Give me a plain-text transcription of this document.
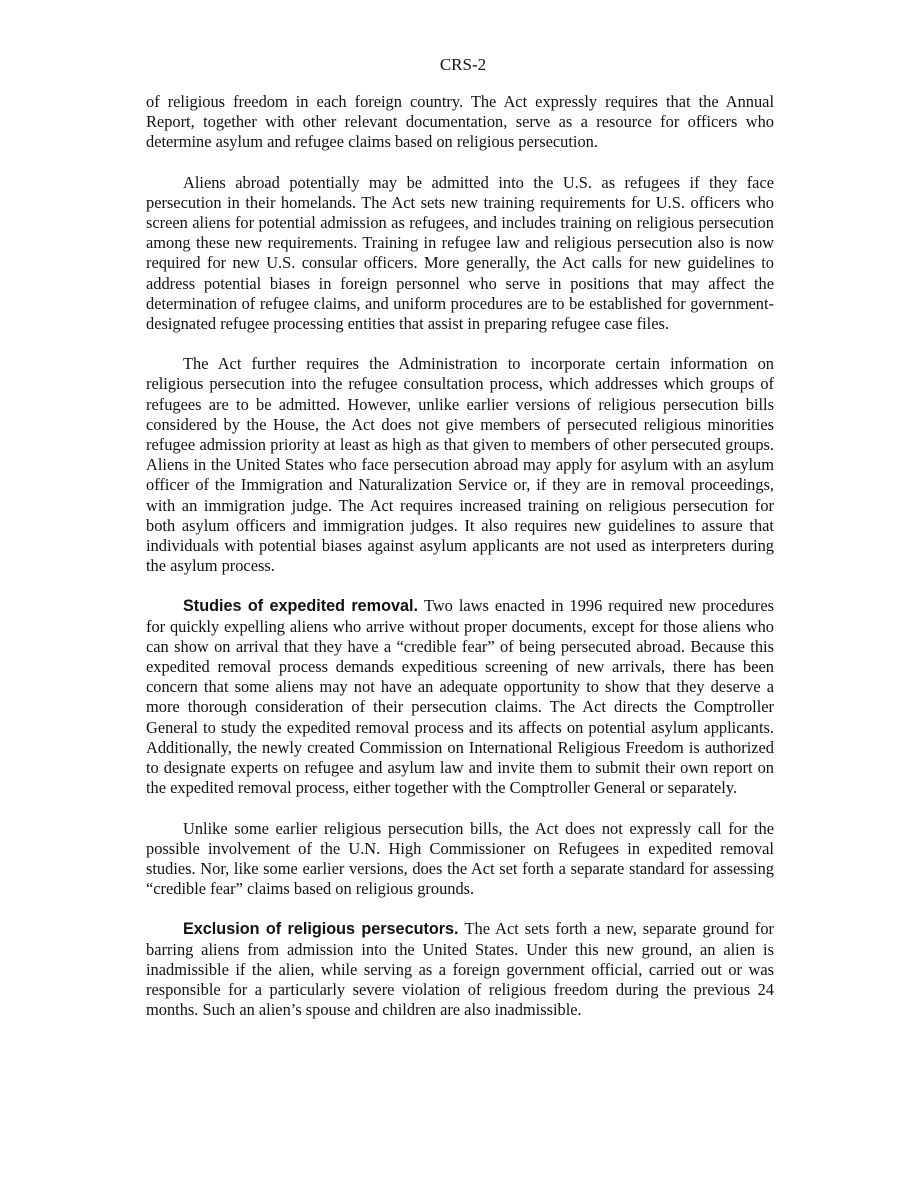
CRS-2

of religious freedom in each foreign country. The Act expressly requires that the Annual Report, together with other relevant documentation, serve as a resource for officers who determine asylum and refugee claims based on religious persecution.

Aliens abroad potentially may be admitted into the U.S. as refugees if they face persecution in their homelands. The Act sets new training requirements for U.S. officers who screen aliens for potential admission as refugees, and includes training on religious persecution among these new requirements. Training in refugee law and religious persecution also is now required for new U.S. consular officers. More generally, the Act calls for new guidelines to address potential biases in foreign personnel who serve in positions that may affect the determination of refugee claims, and uniform procedures are to be established for government-designated refugee processing entities that assist in preparing refugee case files.

The Act further requires the Administration to incorporate certain information on religious persecution into the refugee consultation process, which addresses which groups of refugees are to be admitted. However, unlike earlier versions of religious persecution bills considered by the House, the Act does not give members of persecuted religious minorities refugee admission priority at least as high as that given to members of other persecuted groups. Aliens in the United States who face persecution abroad may apply for asylum with an asylum officer of the Immigration and Naturalization Service or, if they are in removal proceedings, with an immigration judge. The Act requires increased training on religious persecution for both asylum officers and immigration judges. It also requires new guidelines to assure that individuals with potential biases against asylum applicants are not used as interpreters during the asylum process.

Studies of expedited removal. Two laws enacted in 1996 required new procedures for quickly expelling aliens who arrive without proper documents, except for those aliens who can show on arrival that they have a “credible fear” of being persecuted abroad. Because this expedited removal process demands expeditious screening of new arrivals, there has been concern that some aliens may not have an adequate opportunity to show that they deserve a more thorough consideration of their persecution claims. The Act directs the Comptroller General to study the expedited removal process and its affects on potential asylum applicants. Additionally, the newly created Commission on International Religious Freedom is authorized to designate experts on refugee and asylum law and invite them to submit their own report on the expedited removal process, either together with the Comptroller General or separately.

Unlike some earlier religious persecution bills, the Act does not expressly call for the possible involvement of the U.N. High Commissioner on Refugees in expedited removal studies. Nor, like some earlier versions, does the Act set forth a separate standard for assessing “credible fear” claims based on religious grounds.

Exclusion of religious persecutors. The Act sets forth a new, separate ground for barring aliens from admission into the United States. Under this new ground, an alien is inadmissible if the alien, while serving as a foreign government official, carried out or was responsible for a particularly severe violation of religious freedom during the previous 24 months. Such an alien’s spouse and children are also inadmissible.
